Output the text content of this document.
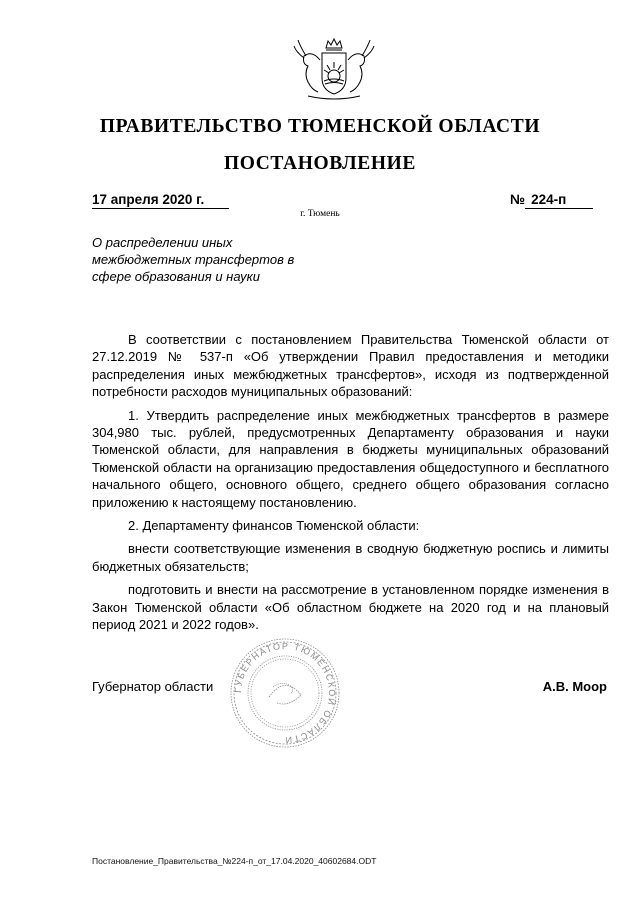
ПРАВИТЕЛЬСТВО ТЮМЕНСКОЙ ОБЛАСТИ
ПОСТАНОВЛЕНИЕ
17 апреля 2020 г.	№ 224-п
г. Тюмень
О распределении иных межбюджетных трансфертов в сфере образования и науки

В соответствии с постановлением Правительства Тюменской области от 27.12.2019 № 537-п «Об утверждении Правил предоставления и методики распределения иных межбюджетных трансфертов», исходя из подтвержденной потребности расходов муниципальных образований:

1. Утвердить распределение иных межбюджетных трансфертов в размере 304,980 тыс. рублей, предусмотренных Департаменту образования и науки Тюменской области, для направления в бюджеты муниципальных образований Тюменской области на организацию предоставления общедоступного и бесплатного начального общего, основного общего, среднего общего образования согласно приложению к настоящему постановлению.

2. Департаменту финансов Тюменской области:

внести соответствующие изменения в сводную бюджетную роспись и лимиты бюджетных обязательств;

подготовить и внести на рассмотрение в установленном порядке изменения в Закон Тюменской области «Об областном бюджете на 2020 год и на плановый период 2021 и 2022 годов».

ГУБЕРНАТОР ТЮМЕНСКОЙ ОБЛАСТИ
Губернатор области	А.В. Моор
Постановление_Правительства_№224-п_от_17.04.2020_40602684.ODT
